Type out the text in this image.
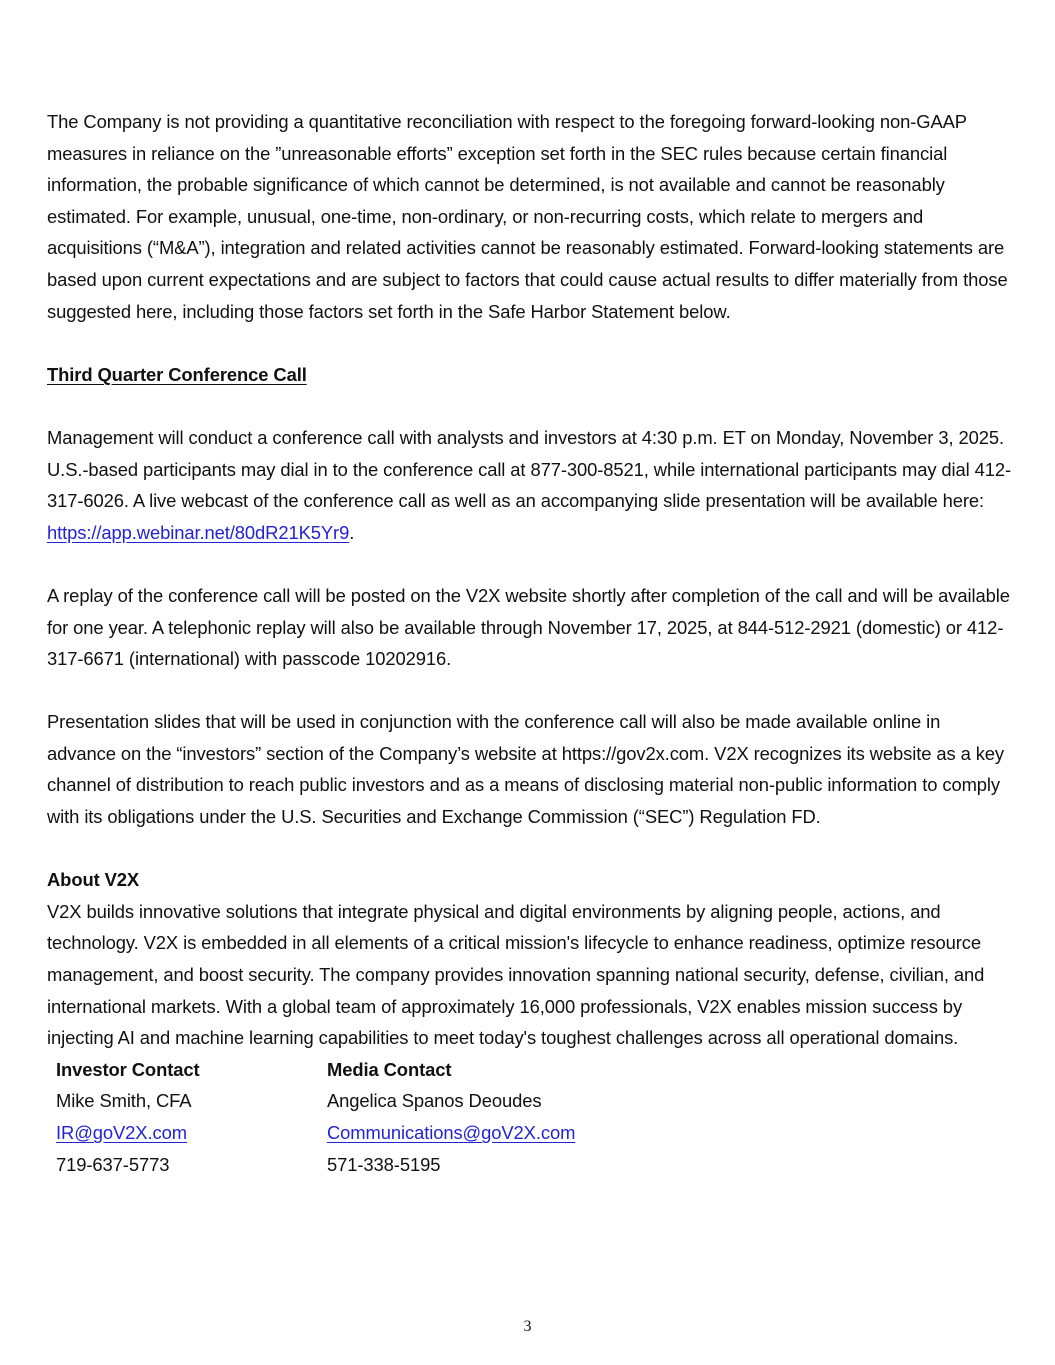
The Company is not providing a quantitative reconciliation with respect to the foregoing forward-looking non-GAAP measures in reliance on the ”unreasonable efforts” exception set forth in the SEC rules because certain financial information, the probable significance of which cannot be determined, is not available and cannot be reasonably estimated. For example, unusual, one-time, non-ordinary, or non-recurring costs, which relate to mergers and acquisitions (“M&A”), integration and related activities cannot be reasonably estimated. Forward-looking statements are based upon current expectations and are subject to factors that could cause actual results to differ materially from those suggested here, including those factors set forth in the Safe Harbor Statement below.

Third Quarter Conference Call

Management will conduct a conference call with analysts and investors at 4:30 p.m. ET on Monday, November 3, 2025. U.S.-based participants may dial in to the conference call at 877-300-8521, while international participants may dial 412-317-6026. A live webcast of the conference call as well as an accompanying slide presentation will be available here: https://app.webinar.net/80dR21K5Yr9.

A replay of the conference call will be posted on the V2X website shortly after completion of the call and will be available for one year. A telephonic replay will also be available through November 17, 2025, at 844-512-2921 (domestic) or 412-317-6671 (international) with passcode 10202916.

Presentation slides that will be used in conjunction with the conference call will also be made available online in advance on the “investors” section of the Company’s website at https://gov2x.com. V2X recognizes its website as a key channel of distribution to reach public investors and as a means of disclosing material non-public information to comply with its obligations under the U.S. Securities and Exchange Commission (“SEC”) Regulation FD.

About V2X

V2X builds innovative solutions that integrate physical and digital environments by aligning people, actions, and technology. V2X is embedded in all elements of a critical mission's lifecycle to enhance readiness, optimize resource management, and boost security. The company provides innovation spanning national security, defense, civilian, and international markets. With a global team of approximately 16,000 professionals, V2X enables mission success by injecting AI and machine learning capabilities to meet today's toughest challenges across all operational domains.

Investor Contact
Mike Smith, CFA
IR@goV2X.com
719-637-5773
Media Contact
Angelica Spanos Deoudes
Communications@goV2X.com
571-338-5195
3
